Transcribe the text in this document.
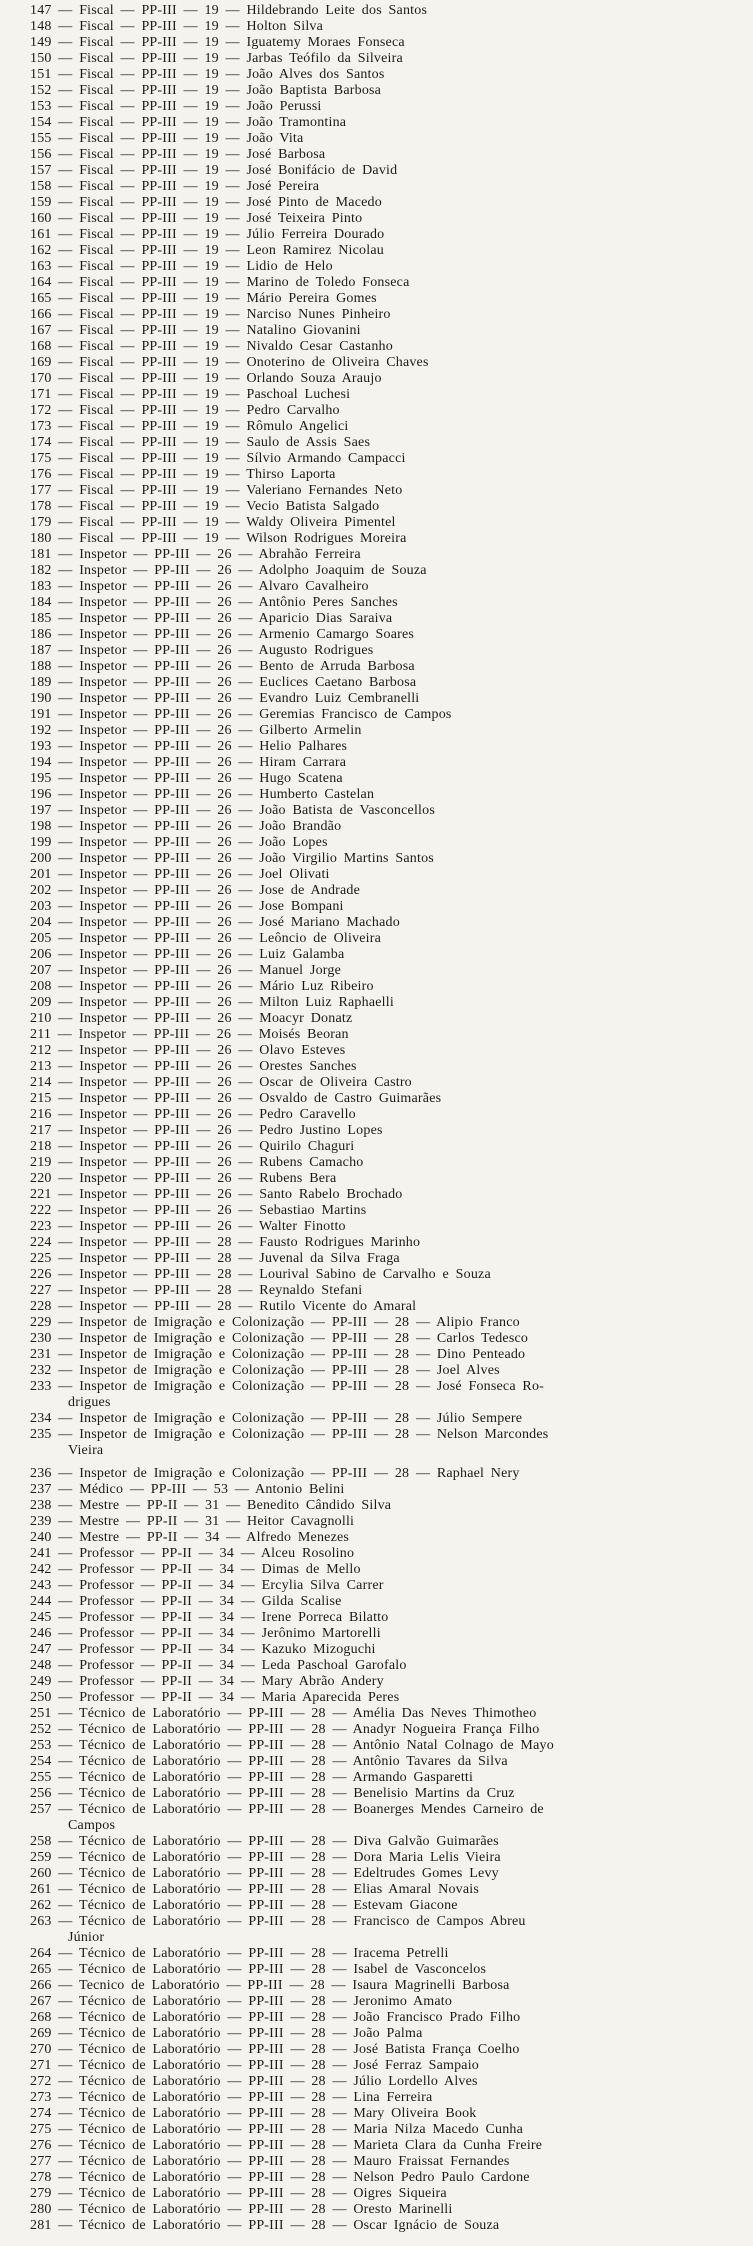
147 — Fiscal — PP-III — 19 — Hildebrando Leite dos Santos
148 — Fiscal — PP-III — 19 — Holton Silva
149 — Fiscal — PP-III — 19 — Iguatemy Moraes Fonseca
150 — Fiscal — PP-III — 19 — Jarbas Teófilo da Silveira
151 — Fiscal — PP-III — 19 — João Alves dos Santos
152 — Fiscal — PP-III — 19 — João Baptista Barbosa
153 — Fiscal — PP-III — 19 — João Perussi
154 — Fiscal — PP-III — 19 — João Tramontina
155 — Fiscal — PP-III — 19 — João Vita
156 — Fiscal — PP-III — 19 — José Barbosa
157 — Fiscal — PP-III — 19 — José Bonifácio de David
158 — Fiscal — PP-III — 19 — José Pereira
159 — Fiscal — PP-III — 19 — José Pinto de Macedo
160 — Fiscal — PP-III — 19 — José Teixeira Pinto
161 — Fiscal — PP-III — 19 — Júlio Ferreira Dourado
162 — Fiscal — PP-III — 19 — Leon Ramirez Nicolau
163 — Fiscal — PP-III — 19 — Lidio de Helo
164 — Fiscal — PP-III — 19 — Marino de Toledo Fonseca
165 — Fiscal — PP-III — 19 — Mário Pereira Gomes
166 — Fiscal — PP-III — 19 — Narciso Nunes Pinheiro
167 — Fiscal — PP-III — 19 — Natalino Giovanini
168 — Fiscal — PP-III — 19 — Nivaldo Cesar Castanho
169 — Fiscal — PP-III — 19 — Onoterino de Oliveira Chaves
170 — Fiscal — PP-III — 19 — Orlando Souza Araujo
171 — Fiscal — PP-III — 19 — Paschoal Luchesi
172 — Fiscal — PP-III — 19 — Pedro Carvalho
173 — Fiscal — PP-III — 19 — Rômulo Angelici
174 — Fiscal — PP-III — 19 — Saulo de Assis Saes
175 — Fiscal — PP-III — 19 — Sílvio Armando Campacci
176 — Fiscal — PP-III — 19 — Thirso Laporta
177 — Fiscal — PP-III — 19 — Valeriano Fernandes Neto
178 — Fiscal — PP-III — 19 — Vecio Batista Salgado
179 — Fiscal — PP-III — 19 — Waldy Oliveira Pimentel
180 — Fiscal — PP-III — 19 — Wilson Rodrigues Moreira
181 — Inspetor — PP-III — 26 — Abrahão Ferreira
182 — Inspetor — PP-III — 26 — Adolpho Joaquim de Souza
183 — Inspetor — PP-III — 26 — Alvaro Cavalheiro
184 — Inspetor — PP-III — 26 — Antônio Peres Sanches
185 — Inspetor — PP-III — 26 — Aparicio Dias Saraiva
186 — Inspetor — PP-III — 26 — Armenio Camargo Soares
187 — Inspetor — PP-III — 26 — Augusto Rodrigues
188 — Inspetor — PP-III — 26 — Bento de Arruda Barbosa
189 — Inspetor — PP-III — 26 — Euclices Caetano Barbosa
190 — Inspetor — PP-III — 26 — Evandro Luiz Cembranelli
191 — Inspetor — PP-III — 26 — Geremias Francisco de Campos
192 — Inspetor — PP-III — 26 — Gilberto Armelin
193 — Inspetor — PP-III — 26 — Helio Palhares
194 — Inspetor — PP-III — 26 — Hiram Carrara
195 — Inspetor — PP-III — 26 — Hugo Scatena
196 — Inspetor — PP-III — 26 — Humberto Castelan
197 — Inspetor — PP-III — 26 — João Batista de Vasconcellos
198 — Inspetor — PP-III — 26 — João Brandão
199 — Inspetor — PP-III — 26 — João Lopes
200 — Inspetor — PP-III — 26 — João Virgilio Martins Santos
201 — Inspetor — PP-III — 26 — Joel Olivati
202 — Inspetor — PP-III — 26 — Jose de Andrade
203 — Inspetor — PP-III — 26 — Jose Bompani
204 — Inspetor — PP-III — 26 — José Mariano Machado
205 — Inspetor — PP-III — 26 — Leôncio de Oliveira
206 — Inspetor — PP-III — 26 — Luiz Galamba
207 — Inspetor — PP-III — 26 — Manuel Jorge
208 — Inspetor — PP-III — 26 — Mário Luz Ribeiro
209 — Inspetor — PP-III — 26 — Milton Luiz Raphaelli
210 — Inspetor — PP-III — 26 — Moacyr Donatz
211 — Inspetor — PP-III — 26 — Moisés Beoran
212 — Inspetor — PP-III — 26 — Olavo Esteves
213 — Inspetor — PP-III — 26 — Orestes Sanches
214 — Inspetor — PP-III — 26 — Oscar de Oliveira Castro
215 — Inspetor — PP-III — 26 — Osvaldo de Castro Guimarães
216 — Inspetor — PP-III — 26 — Pedro Caravello
217 — Inspetor — PP-III — 26 — Pedro Justino Lopes
218 — Inspetor — PP-III — 26 — Quirilo Chaguri
219 — Inspetor — PP-III — 26 — Rubens Camacho
220 — Inspetor — PP-III — 26 — Rubens Bera
221 — Inspetor — PP-III — 26 — Santo Rabelo Brochado
222 — Inspetor — PP-III — 26 — Sebastiao Martins
223 — Inspetor — PP-III — 26 — Walter Finotto
224 — Inspetor — PP-III — 28 — Fausto Rodrigues Marinho
225 — Inspetor — PP-III — 28 — Juvenal da Silva Fraga
226 — Inspetor — PP-III — 28 — Lourival Sabino de Carvalho e Souza
227 — Inspetor — PP-III — 28 — Reynaldo Stefani
228 — Inspetor — PP-III — 28 — Rutilo Vicente do Amaral
229 — Inspetor de Imigração e Colonização — PP-III — 28 — Alipio Franco
230 — Inspetor de Imigração e Colonização — PP-III — 28 — Carlos Tedesco
231 — Inspetor de Imigração e Colonização — PP-III — 28 — Dino Penteado
232 — Inspetor de Imigração e Colonização — PP-III — 28 — Joel Alves
233 — Inspetor de Imigração e Colonização — PP-III — 28 — José Fonseca Ro-
drigues
234 — Inspetor de Imigração e Colonização — PP-III — 28 — Júlio Sempere
235 — Inspetor de Imigração e Colonização — PP-III — 28 — Nelson Marcondes
Vieira
236 — Inspetor de Imigração e Colonização — PP-III — 28 — Raphael Nery
237 — Médico — PP-III — 53 — Antonio Belini
238 — Mestre — PP-II — 31 — Benedito Cândido Silva
239 — Mestre — PP-II — 31 — Heitor Cavagnolli
240 — Mestre — PP-II — 34 — Alfredo Menezes
241 — Professor — PP-II — 34 — Alceu Rosolino
242 — Professor — PP-II — 34 — Dimas de Mello
243 — Professor — PP-II — 34 — Ercylia Silva Carrer
244 — Professor — PP-II — 34 — Gilda Scalise
245 — Professor — PP-II — 34 — Irene Porreca Bilatto
246 — Professor — PP-II — 34 — Jerônimo Martorelli
247 — Professor — PP-II — 34 — Kazuko Mizoguchi
248 — Professor — PP-II — 34 — Leda Paschoal Garofalo
249 — Professor — PP-II — 34 — Mary Abrão Andery
250 — Professor — PP-II — 34 — Maria Aparecida Peres
251 — Técnico de Laboratório — PP-III — 28 — Amélia Das Neves Thimotheo
252 — Técnico de Laboratório — PP-III — 28 — Anadyr Nogueira França Filho
253 — Técnico de Laboratório — PP-III — 28 — Antônio Natal Colnago de Mayo
254 — Técnico de Laboratório — PP-III — 28 — Antônio Tavares da Silva
255 — Técnico de Laboratório — PP-III — 28 — Armando Gasparetti
256 — Técnico de Laboratório — PP-III — 28 — Benelisio Martins da Cruz
257 — Técnico de Laboratório — PP-III — 28 — Boanerges Mendes Carneiro de
Campos
258 — Técnico de Laboratório — PP-III — 28 — Diva Galvão Guimarães
259 — Técnico de Laboratório — PP-III — 28 — Dora Maria Lelis Vieira
260 — Técnico de Laboratório — PP-III — 28 — Edeltrudes Gomes Levy
261 — Técnico de Laboratório — PP-III — 28 — Elias Amaral Novais
262 — Técnico de Laboratório — PP-III — 28 — Estevam Giacone
263 — Técnico de Laboratório — PP-III — 28 — Francisco de Campos Abreu
Júnior
264 — Técnico de Laboratório — PP-III — 28 — Iracema Petrelli
265 — Técnico de Laboratório — PP-III — 28 — Isabel de Vasconcelos
266 — Tecnico de Laboratório — PP-III — 28 — Isaura Magrinelli Barbosa
267 — Técnico de Laboratório — PP-III — 28 — Jeronimo Amato
268 — Técnico de Laboratório — PP-III — 28 — João Francisco Prado Filho
269 — Técnico de Laboratório — PP-III — 28 — João Palma
270 — Técnico de Laboratório — PP-III — 28 — José Batista França Coelho
271 — Técnico de Laboratório — PP-III — 28 — José Ferraz Sampaio
272 — Técnico de Laboratório — PP-III — 28 — Júlio Lordello Alves
273 — Técnico de Laboratório — PP-III — 28 — Lina Ferreira
274 — Técnico de Laboratório — PP-III — 28 — Mary Oliveira Book
275 — Técnico de Laboratório — PP-III — 28 — Maria Nilza Macedo Cunha
276 — Técnico de Laboratório — PP-III — 28 — Marieta Clara da Cunha Freire
277 — Técnico de Laboratório — PP-III — 28 — Mauro Fraissat Fernandes
278 — Técnico de Laboratório — PP-III — 28 — Nelson Pedro Paulo Cardone
279 — Técnico de Laboratório — PP-III — 28 — Oigres Siqueira
280 — Técnico de Laboratório — PP-III — 28 — Oresto Marinelli
281 — Técnico de Laboratório — PP-III — 28 — Oscar Ignácio de Souza
